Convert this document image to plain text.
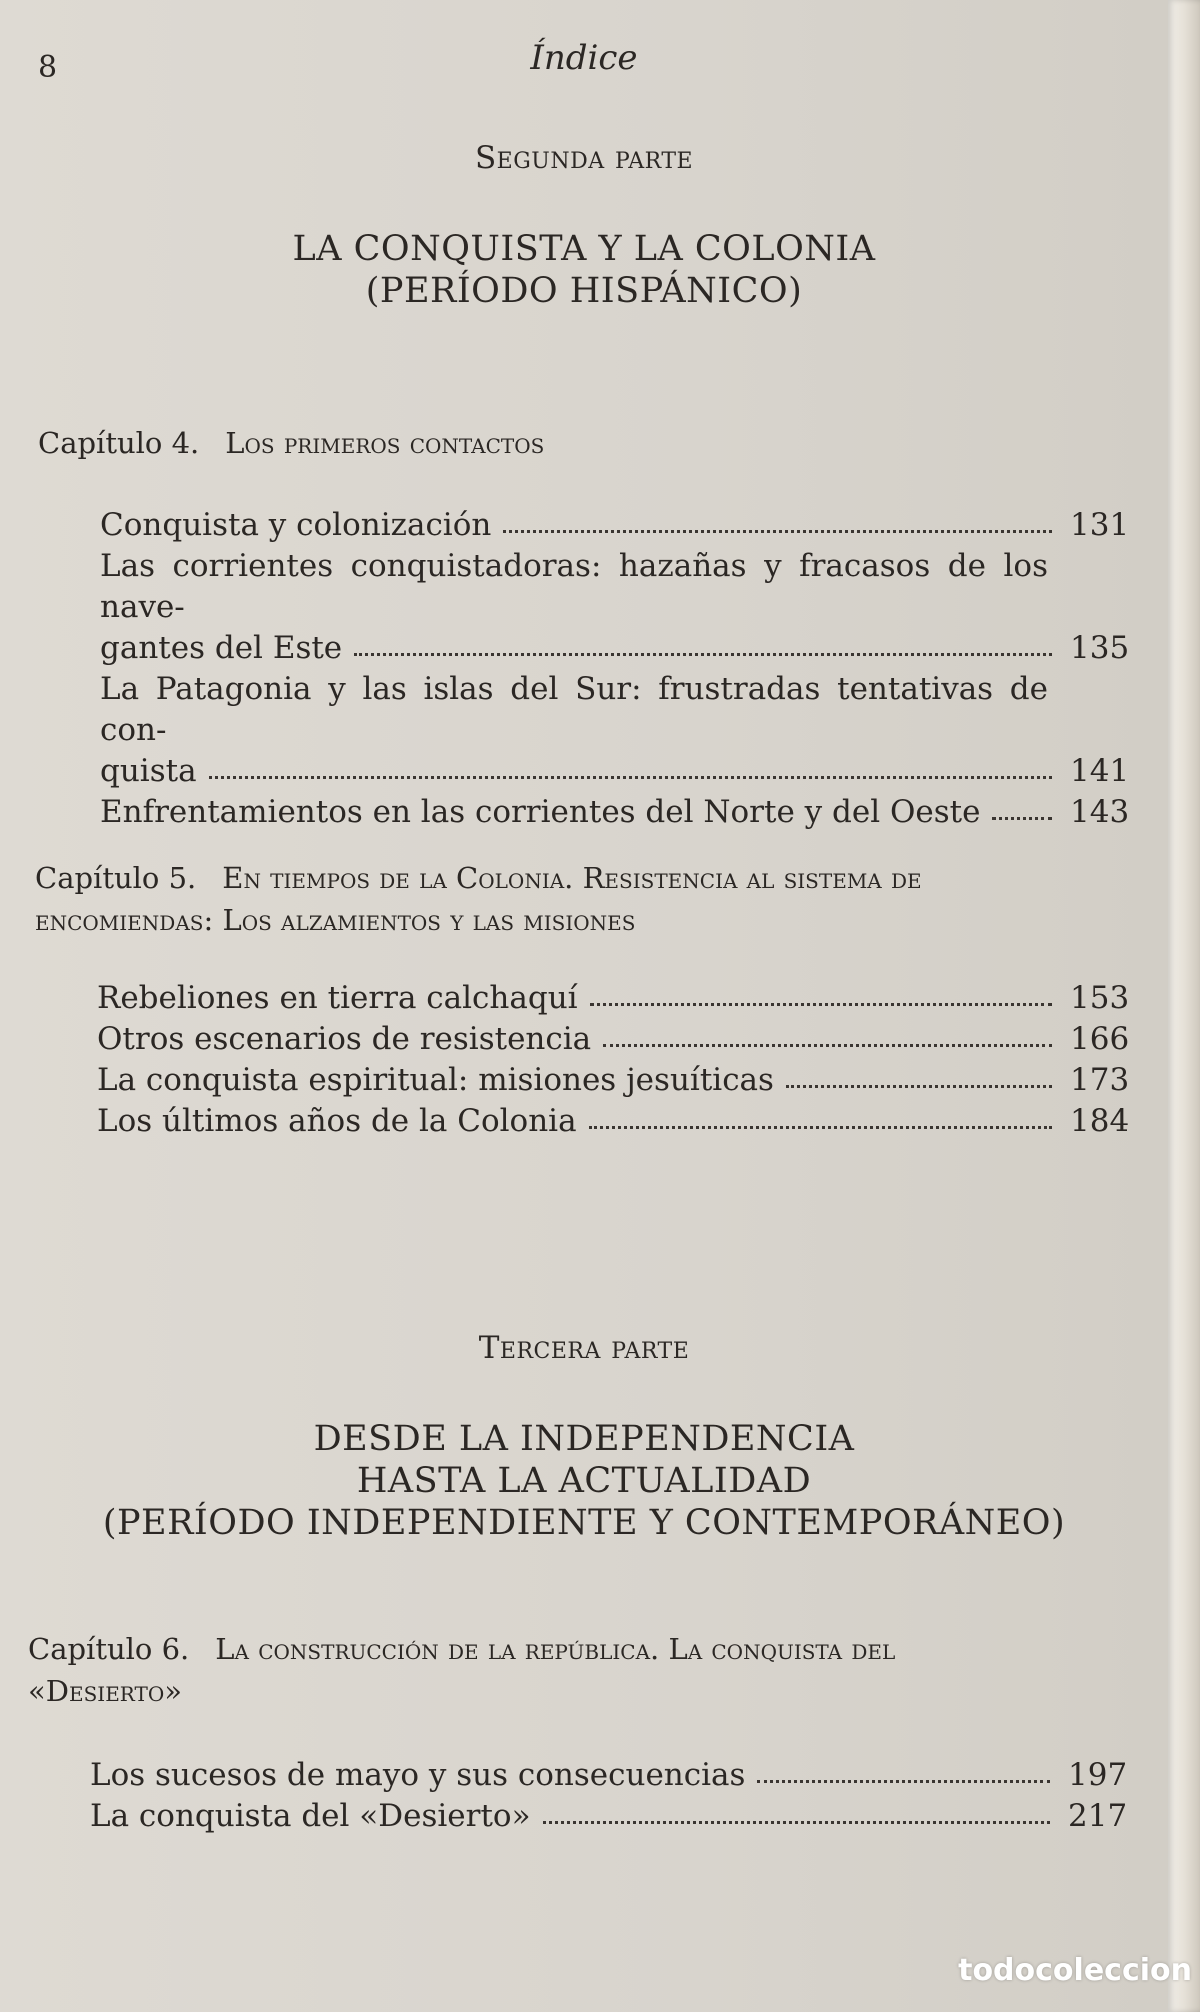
8	Índice
Segunda parte
LA CONQUISTA Y LA COLONIA
(PERÍODO HISPÁNICO)
Capítulo 4. Los primeros contactos
Conquista y colonización	131
Las corrientes conquistadoras: hazañas y fracasos de los nave-
gantes del Este	135
La Patagonia y las islas del Sur: frustradas tentativas de con-
quista	141
Enfrentamientos en las corrientes del Norte y del Oeste	143
Capítulo 5. En tiempos de la Colonia. Resistencia al sistema de
encomiendas: Los alzamientos y las misiones
Rebeliones en tierra calchaquí	153
Otros escenarios de resistencia	166
La conquista espiritual: misiones jesuíticas	173
Los últimos años de la Colonia	184
Tercera parte
DESDE LA INDEPENDENCIA
HASTA LA ACTUALIDAD
(PERÍODO INDEPENDIENTE Y CONTEMPORÁNEO)
Capítulo 6. La construcción de la república. La conquista del
«Desierto»
Los sucesos de mayo y sus consecuencias	197
La conquista del «Desierto»	217
todocoleccion
